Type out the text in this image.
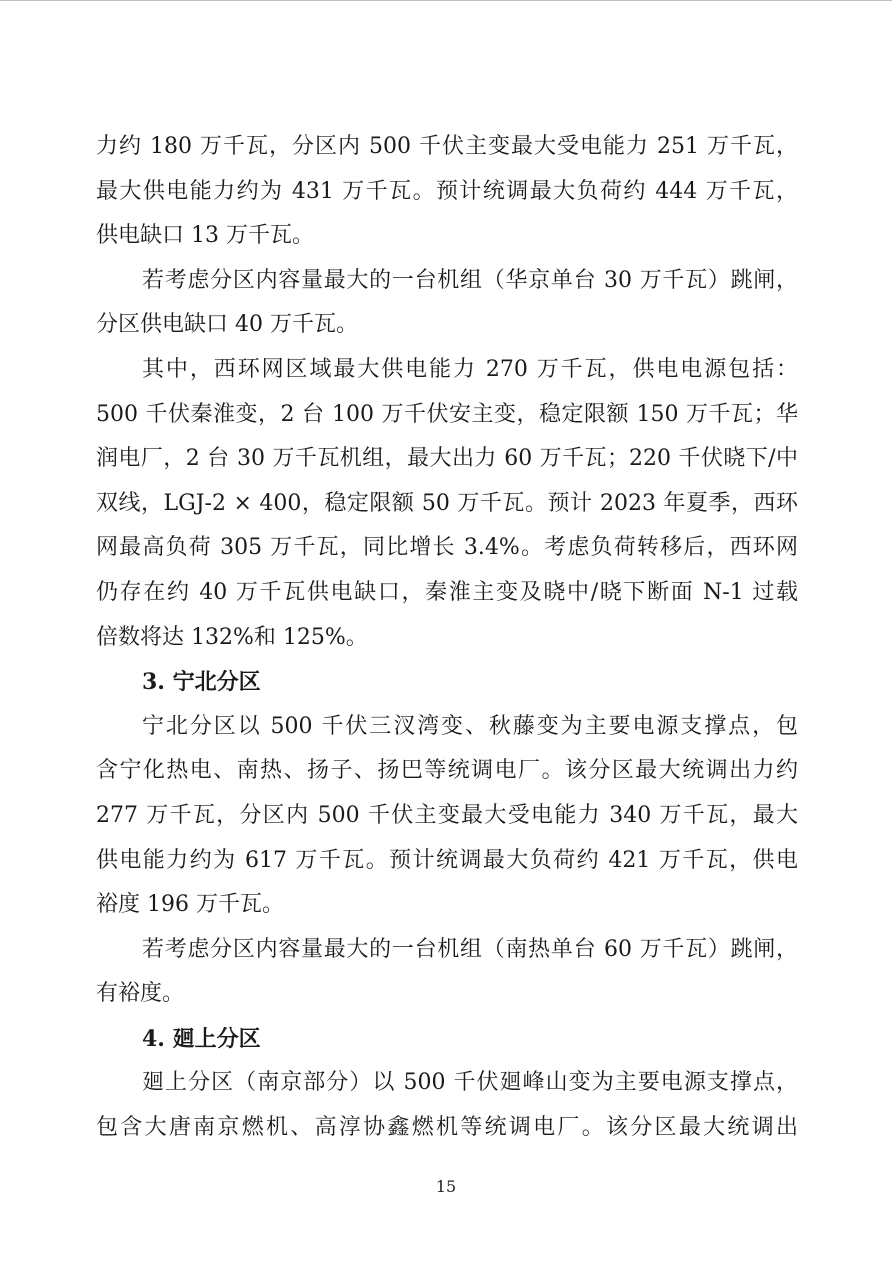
力约 180 万千瓦，分区内 500 千伏主变最大受电能力 251 万千瓦，
最大供电能力约为 431 万千瓦。预计统调最大负荷约 444 万千瓦，
供电缺口 13 万千瓦。
若考虑分区内容量最大的一台机组（华京单台 30 万千瓦）跳闸，
分区供电缺口 40 万千瓦。
其中，西环网区域最大供电能力 270 万千瓦，供电电源包括：
500 千伏秦淮变，2 台 100 万千伏安主变，稳定限额 150 万千瓦；华
润电厂，2 台 30 万千瓦机组，最大出力 60 万千瓦；220 千伏晓下/中
双线，LGJ-2 × 400，稳定限额 50 万千瓦。预计 2023 年夏季，西环
网最高负荷 305 万千瓦，同比增长 3.4%。考虑负荷转移后，西环网
仍存在约 40 万千瓦供电缺口，秦淮主变及晓中/晓下断面 N-1 过载
倍数将达 132%和 125%。
3. 宁北分区
宁北分区以 500 千伏三汊湾变、秋藤变为主要电源支撑点，包
含宁化热电、南热、扬子、扬巴等统调电厂。该分区最大统调出力约
277 万千瓦，分区内 500 千伏主变最大受电能力 340 万千瓦，最大
供电能力约为 617 万千瓦。预计统调最大负荷约 421 万千瓦，供电
裕度 196 万千瓦。
若考虑分区内容量最大的一台机组（南热单台 60 万千瓦）跳闸，
有裕度。
4. 廻上分区
廻上分区（南京部分）以 500 千伏廻峰山变为主要电源支撑点，
包含大唐南京燃机、高淳协鑫燃机等统调电厂。该分区最大统调出
15
